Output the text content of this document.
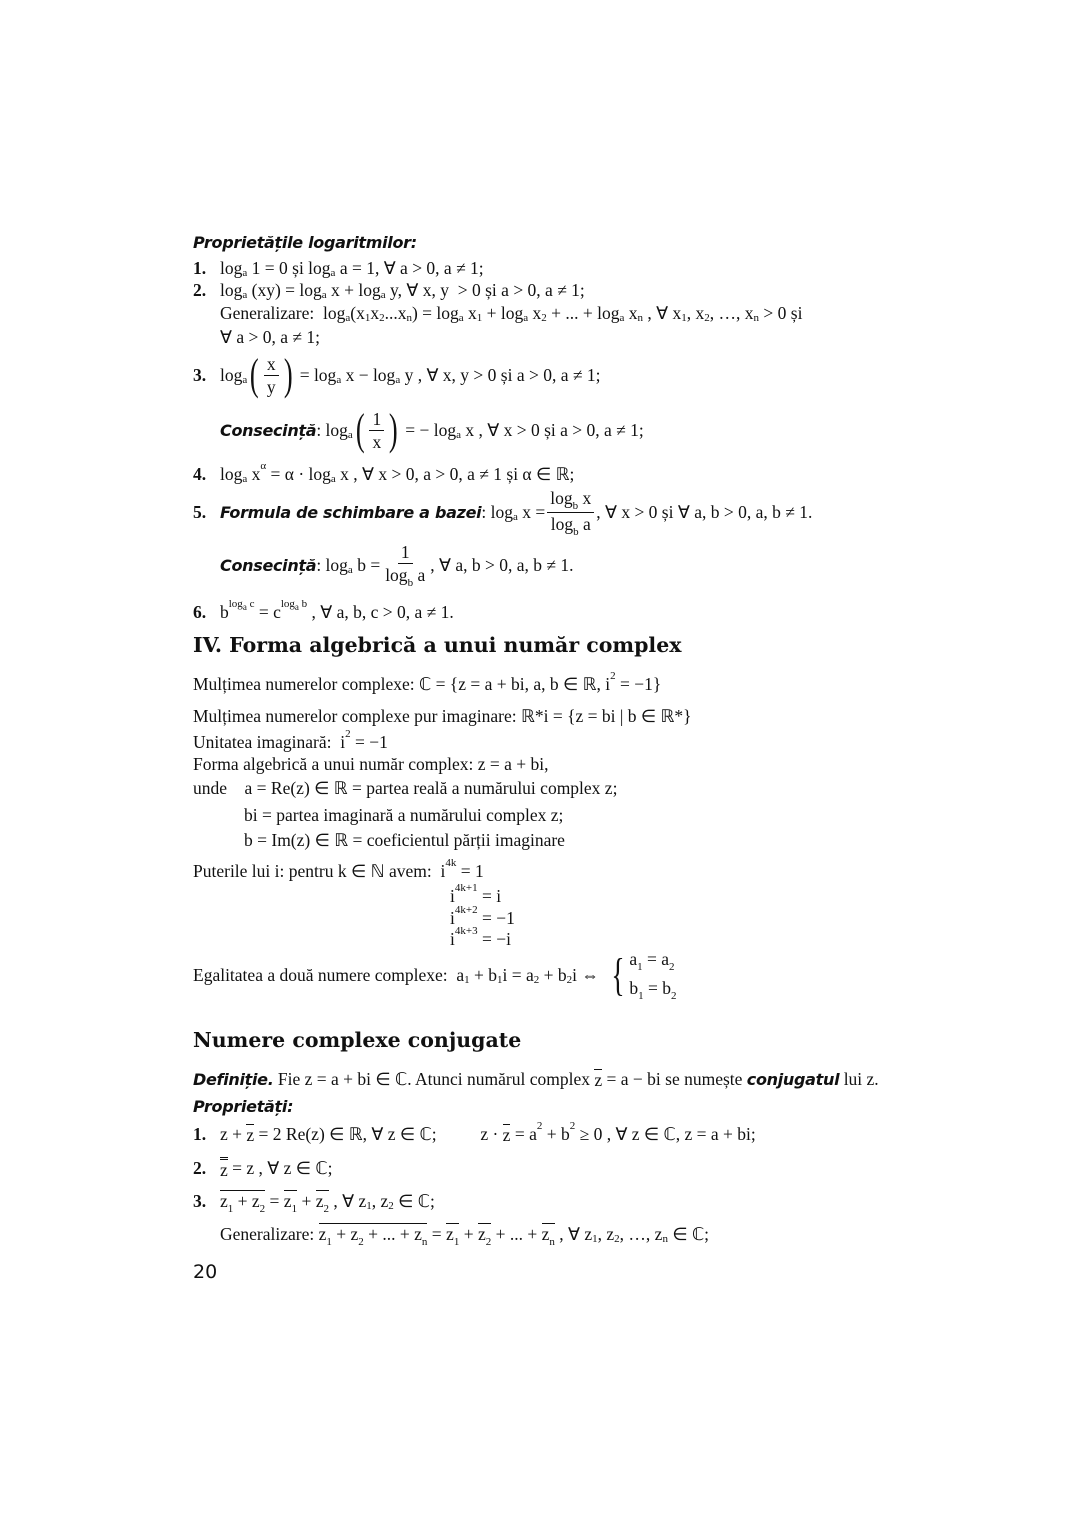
IV. Forma algebrică a unui număr complex
Numere complexe conjugate
20
Proprietățile logaritmilor:
1. log a 1 = 0 și log a a = 1, ∀ a > 0, a ≠ 1;
2. log a (xy) = log a x + log a y, ∀ x, y  > 0 și a > 0, a ≠ 1;
Generalizare:  log a (x 1 x 2 ...x n ) = log a x 1 + log a x 2 + ... + log a x n , ∀ x 1 , x 2 , …, x n > 0 și
∀ a > 0, a ≠ 1;
3. log a ( $\frac{x}{y}$ ) = log a x − log a y , ∀ x, y > 0 și a > 0, a ≠ 1;
Consecință : log a ( $\frac{1}{x}$ ) = − log a x , ∀ x > 0 și a > 0, a ≠ 1;
4. log a x α = α · log a x , ∀ x > 0, a > 0, a ≠ 1 și α ∈ ℝ;
5. Formula de schimbare a bazei : log a $x = \frac{\log_b x}{\log_b a}$ , ∀ x > 0 și ∀ a, b > 0, a, b ≠ 1.
Consecință : log a $b = \frac{1}{\log_b a}$ , ∀ a, b > 0, a, b ≠ 1.
6. b $\log_a c = c$ $\log_a b$ , ∀ a, b, c > 0, a ≠ 1.
Mulțimea numerelor complexe: ℂ = {z = a + bi, a, b ∈ ℝ, i 2 = −1}
Mulțimea numerelor complexe pur imaginare: ℝ*i = {z = bi | b ∈ ℝ*}
Unitatea imaginară:  i 2 = −1
Forma algebrică a unui număr complex: z = a + bi,
unde    a = Re(z) ∈ ℝ = partea reală a numărului complex z;
bi = partea imaginară a numărului complex z;
b = Im(z) ∈ ℝ = coeficientul părții imaginare
Puterile lui i: pentru k ∈ ℕ avem:  i 4k = 1
i 4k+1 = i
i 4k+2 = −1
i 4k+3 = −i
Egalitatea a două numere complexe:  a 1 + b 1 i = a 2 + b 2 i ⇔ { $a_1 = a_2$
$b_1 = b_2$
Definiție. Fie z = a + bi ∈ ℂ. Atunci numărul complex z = a − bi se numește conjugatul lui z.
Proprietăți:
1. z + z = 2 Re(z) ∈ ℝ, ∀ z ∈ ℂ;          z · z = a 2 + b 2 ≥ 0 , ∀ z ∈ ℂ, z = a + bi;
2. z = z , ∀ z ∈ ℂ;
3. $z_1 + z_2 = z_1 + z_2$ , ∀ z 1 , z 2 ∈ ℂ;
Generalizare: $z_1 + z_2$ + ... + $z_n = z_1 + z_2$ + ... + $z_n$ , ∀ z 1 , z 2 , …, z n ∈ ℂ;
